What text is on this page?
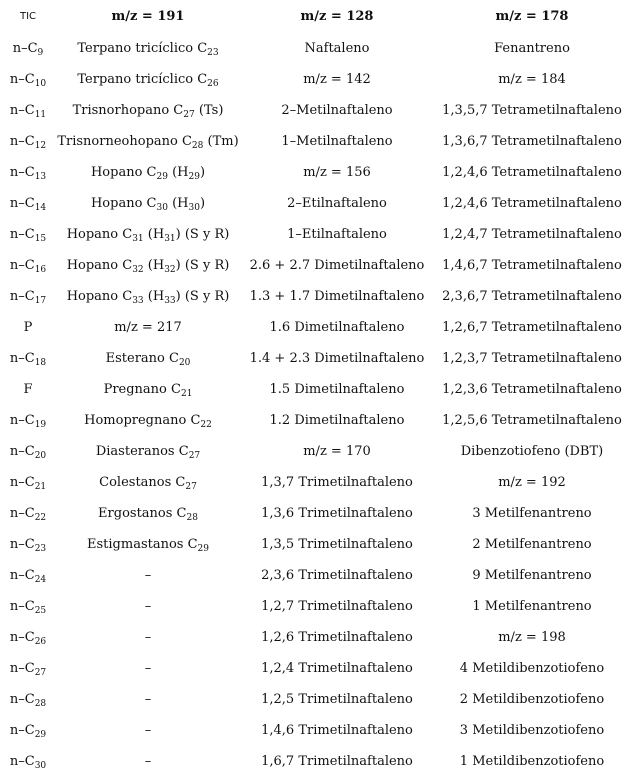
TIC	m/z = 191	m/z = 128	m/z = 178
$n-C_9$	Terpano tricíclico $C_{23}$	Naftaleno	Fenantreno
$n-C_{10}$	Terpano tricíclico $C_{26}$	m/z = 142	m/z = 184
$n-C_{11}$	Trisnorhopano $C_{27}$ (Ts)	2–Metilnaftaleno	1,3,5,7 Tetrametilnaftaleno
$n-C_{12}$	Trisnorneohopano $C_{28}$ (Tm)	1–Metilnaftaleno	1,3,6,7 Tetrametilnaftaleno
$n-C_{13}$	Hopano $C_{29}$ $(H_{29})$	m/z = 156	1,2,4,6 Tetrametilnaftaleno
$n-C_{14}$	Hopano $C_{30}$ $(H_{30})$	2–Etilnaftaleno	1,2,4,6 Tetrametilnaftaleno
$n-C_{15}$	Hopano $C_{31}$ $(H_{31})$ (S y R)	1–Etilnaftaleno	1,2,4,7 Tetrametilnaftaleno
$n-C_{16}$	Hopano $C_{32}$ $(H_{32})$ (S y R)	2.6 + 2.7 Dimetilnaftaleno	1,4,6,7 Tetrametilnaftaleno
$n-C_{17}$	Hopano $C_{33}$ $(H_{33})$ (S y R)	1.3 + 1.7 Dimetilnaftaleno	2,3,6,7 Tetrametilnaftaleno
P	m/z = 217	1.6 Dimetilnaftaleno	1,2,6,7 Tetrametilnaftaleno
$n-C_{18}$	Esterano $C_{20}$	1.4 + 2.3 Dimetilnaftaleno	1,2,3,7 Tetrametilnaftaleno
F	Pregnano $C_{21}$	1.5 Dimetilnaftaleno	1,2,3,6 Tetrametilnaftaleno
$n-C_{19}$	Homopregnano $C_{22}$	1.2 Dimetilnaftaleno	1,2,5,6 Tetrametilnaftaleno
$n-C_{20}$	Diasteranos $C_{27}$	m/z = 170	Dibenzotiofeno (DBT)
$n-C_{21}$	Colestanos $C_{27}$	1,3,7 Trimetilnaftaleno	m/z = 192
$n-C_{22}$	Ergostanos $C_{28}$	1,3,6 Trimetilnaftaleno	3 Metilfenantreno
$n-C_{23}$	Estigmastanos $C_{29}$	1,3,5 Trimetilnaftaleno	2 Metilfenantreno
$n-C_{24}$	–	2,3,6 Trimetilnaftaleno	9 Metilfenantreno
$n-C_{25}$	–	1,2,7 Trimetilnaftaleno	1 Metilfenantreno
$n-C_{26}$	–	1,2,6 Trimetilnaftaleno	m/z = 198
$n-C_{27}$	–	1,2,4 Trimetilnaftaleno	4 Metildibenzotiofeno
$n-C_{28}$	–	1,2,5 Trimetilnaftaleno	2 Metildibenzotiofeno
$n-C_{29}$	–	1,4,6 Trimetilnaftaleno	3 Metildibenzotiofeno
$n-C_{30}$	–	1,6,7 Trimetilnaftaleno	1 Metildibenzotiofeno
